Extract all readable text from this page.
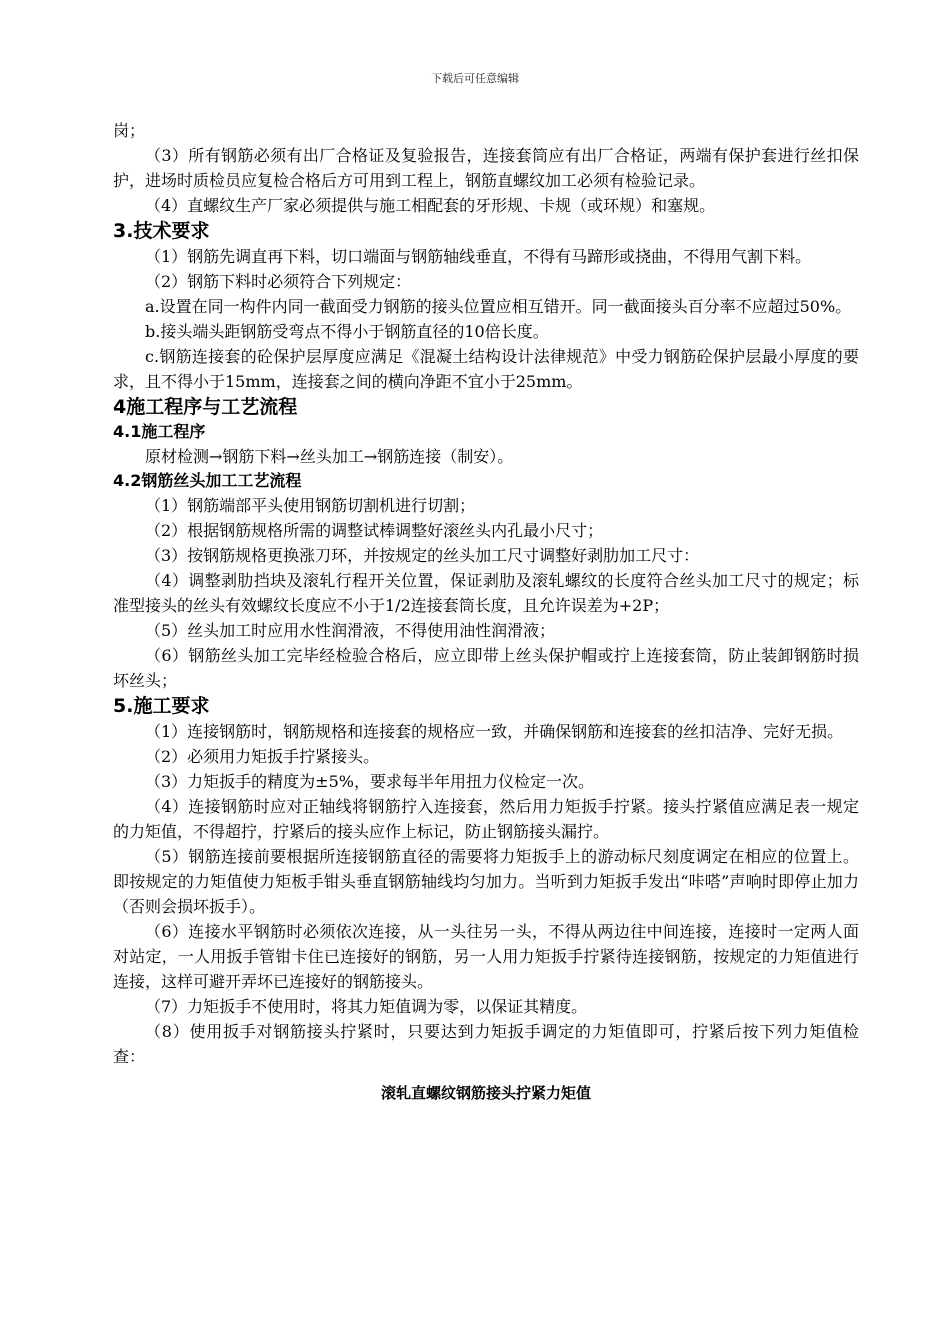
下载后可任意编辑

岗；

（3）所有钢筋必须有出厂合格证及复验报告，连接套筒应有出厂合格证，两端有保护套进行丝扣保护，进场时质检员应复检合格后方可用到工程上，钢筋直螺纹加工必须有检验记录。

（4）直螺纹生产厂家必须提供与施工相配套的牙形规、卡规（或环规）和塞规。

3.技术要求

（1）钢筋先调直再下料，切口端面与钢筋轴线垂直，不得有马蹄形或挠曲，不得用气割下料。

（2）钢筋下料时必须符合下列规定：

a.设置在同一构件内同一截面受力钢筋的接头位置应相互错开。同一截面接头百分率不应超过50%。

b.接头端头距钢筋受弯点不得小于钢筋直径的10倍长度。

c.钢筋连接套的砼保护层厚度应满足《混凝土结构设计法律规范》中受力钢筋砼保护层最小厚度的要求，且不得小于15mm，连接套之间的横向净距不宜小于25mm。

4施工程序与工艺流程

4.1施工程序

原材检测→钢筋下料→丝头加工→钢筋连接（制安）。

4.2钢筋丝头加工工艺流程

（1）钢筋端部平头使用钢筋切割机进行切割；

（2）根据钢筋规格所需的调整试棒调整好滚丝头内孔最小尺寸；

（3）按钢筋规格更换涨刀环，并按规定的丝头加工尺寸调整好剥肋加工尺寸：

（4）调整剥肋挡块及滚轧行程开关位置，保证剥肋及滚轧螺纹的长度符合丝头加工尺寸的规定；标准型接头的丝头有效螺纹长度应不小于1/2连接套筒长度，且允许误差为+2P；

（5）丝头加工时应用水性润滑液，不得使用油性润滑液；

（6）钢筋丝头加工完毕经检验合格后，应立即带上丝头保护帽或拧上连接套筒，防止装卸钢筋时损坏丝头；

5.施工要求

（1）连接钢筋时，钢筋规格和连接套的规格应一致，并确保钢筋和连接套的丝扣洁净、完好无损。

（2）必须用力矩扳手拧紧接头。

（3）力矩扳手的精度为±5%，要求每半年用扭力仪检定一次。

（4）连接钢筋时应对正轴线将钢筋拧入连接套，然后用力矩扳手拧紧。接头拧紧值应满足表一规定的力矩值，不得超拧，拧紧后的接头应作上标记，防止钢筋接头漏拧。

（5）钢筋连接前要根据所连接钢筋直径的需要将力矩扳手上的游动标尺刻度调定在相应的位置上。即按规定的力矩值使力矩板手钳头垂直钢筋轴线均匀加力。当听到力矩扳手发出“咔嗒”声响时即停止加力（否则会损坏扳手）。

（6）连接水平钢筋时必须依次连接，从一头往另一头，不得从两边往中间连接，连接时一定两人面对站定，一人用扳手管钳卡住已连接好的钢筋，另一人用力矩扳手拧紧待连接钢筋，按规定的力矩值进行连接，这样可避开弄坏已连接好的钢筋接头。

（7）力矩扳手不使用时，将其力矩值调为零，以保证其精度。

（8）使用扳手对钢筋接头拧紧时，只要达到力矩扳手调定的力矩值即可，拧紧后按下列力矩值检查：

滚轧直螺纹钢筋接头拧紧力矩值
